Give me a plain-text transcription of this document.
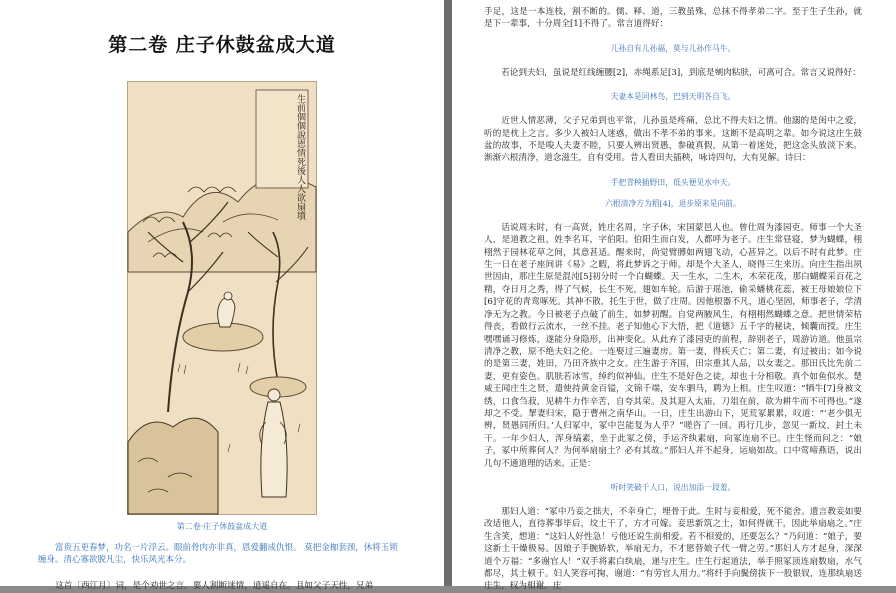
第二卷 庄子休鼓盆成大道
生前個個說恩情死後人人欲扇墳

第二卷·庄子休鼓盆成大道

富贵五更春梦，功名一片浮云。眼前骨肉亦非真，恩爱翻成仇恨。 莫把金枷套颈，休将玉锁缠身。清心寡欲脱凡尘，快乐风光本分。

这首〔西江月〕词，是个劝世之言。要人割断迷情，逍遥自在。且如父子天性，兄弟

手足，这是一本连枝，割不断的。儒、释、道，三教虽殊，总抹不得孝弟二字。至于生子生孙，就是下一辈事，十分周全[1]不得了。常言道得好：

儿孙自有儿孙福，莫与儿孙作马牛。

若论到夫妇，虽说是红线缠腰[2]，赤绳系足[3]，到底是剜肉粘肤，可离可合。常言又说得好：

夫妻本是同林鸟，巴到天明各自飞。

近世人情恶薄，父子兄弟到也平常，儿孙虽是疼痛，总比不得夫妇之情。他溺的是闺中之爱，听的是枕上之言。多少人被妇人迷惑，做出不孝不弟的事来。这断不是高明之辈。如今说这庄生鼓盆的故事，不是唆人夫妻不睦，只要人辨出贤愚，参破真假，从第一着迷处，把这念头放淡下来。渐渐六根清净，道念滋生，自有受用。昔人看田夫插秧，咏诗四句，大有见解。诗曰：

手把青秧插野田，低头便见水中天。

六根清净方为稻[4]，退步原来是向前。

话说周末时，有一高贤，姓庄名周，字子休，宋国蒙邑人也。曾仕周为漆园吏。师事一个大圣人，是道教之祖，姓李名耳，字伯阳。伯阳生而白发，人都呼为老子。庄生常昼寝，梦为蝴蝶，栩栩然于园林花草之间，其意甚适。醒来时，尚觉臂膊如两翅飞动，心甚异之。以后不时有此梦。庄生一日在老子座间讲《易》之暇，将此梦诉之于师。却是个大圣人，晓得三生来历。向庄生指出夙世因由，那庄生原是混沌[5]初分时一个白蝴蝶。天一生水，二生木，木荣花茂，那白蝴蝶采百花之精，夺日月之秀，得了气候，长生不死，翅如车轮。后游于瑶池，偷采蟠桃花蕊，被王母娘娘位下[6]守花的青鸾啄死。其神不散，托生于世，做了庄周。因他根器不凡，道心坚固，师事老子，学清净无为之教。今日被老子点破了前生，如梦初醒。自觉两腋风生，有栩栩然蝴蝶之意。把世情荣枯得丧，看做行云流水，一丝不挂。老子知他心下大悟，把《道德》五千字的秘诀，倾囊而授。庄生嘿嘿诵习修炼，遂能分身隐形，出神变化。从此弃了漆园吏的前程，辞别老子，周游访道。他虽宗清净之教，原不绝夫妇之伦。一连娶过三遍妻房。第一妻，得疾夭亡；第二妻，有过被出；如今说的是第三妻，姓田，乃田齐族中之女。庄生游于齐国，田宗重其人品，以女妻之。那田氏比先前二妻，更有姿色。肌肤若冰雪，绰约似神仙。庄生不是好色之徒，却也十分相敬。真个如鱼似水。楚威王闻庄生之贤，遣使持黄金百镒，文锦千端，安车驷马，聘为上相。庄生叹道：“牺牛[7]身被文绣，口食刍菽，见耕牛力作辛苦，自夸其荣。及其迎入太庙，刀俎在前，欲为耕牛而不可得也。”遂却之不受。挈妻归宋，隐于曹州之南华山。一日，庄生出游山下，见荒冢累累，叹道：“‘老少俱无辨，贤愚同所归。’人归冢中，冢中岂能复为人乎？”嗟咨了一回。再行几步，忽见一新坟，封土未干。一年少妇人，浑身缟素，坐于此冢之傍，手运齐纨素扇，向冢连扇不已。庄生怪而问之：“娘子，冢中所葬何人？为何举扇扇土？必有其故。”那妇人并不起身，运扇如故。口中莺啼燕语，说出几句不通道理的话来。正是：

听时笑破千人口，说出加添一段羞。

那妇人道：“冢中乃妾之拙夫，不幸身亡，埋骨于此。生时与妾相爱，死不能舍。遗言教妾如要改适他人，直待葬事毕后，坟土干了，方才可嫁。妾思新筑之土，如何得就干，因此举扇扇之。”庄生含笑，想道：“这妇人好性急！亏他还说生前相爱。若不相爱的，还要怎么？”乃问道：“娘子，要这新土干燥极易。因娘子手腕娇软，举扇无力，不才愿替娘子代一臂之劳。”那妇人方才起身，深深道个万福：“多谢官人！”双手将素白纨扇，递与庄生。庄生行起道法，举手照冢顶连扇数扇，水气都尽，其土顿干。妇人笑容可掬，谢道：“有劳官人用力。”将纤手向鬓傍拔下一股银钗，连那纨扇送庄生，权为相谢。庄
